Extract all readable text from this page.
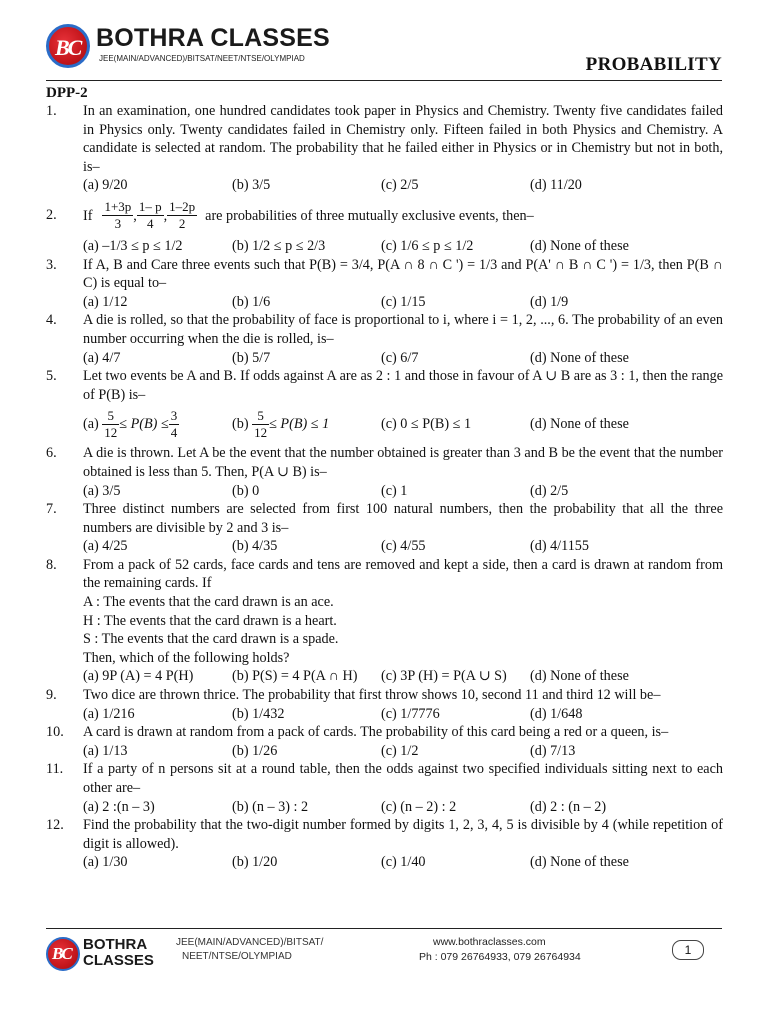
BC BOTHRA CLASSES
JEE(MAIN/ADVANCED)/BITSAT/NEET/NTSE/OLYMPIAD	PROBABILITY
DPP-2
1. In an examination, one hundred candidates took paper in Physics and Chemistry. Twenty five candidates failed in Physics only. Twenty candidates failed in Chemistry only. Fifteen failed in both Physics and Chemistry. A candidate is selected at random. The probability that he failed either in Physics or in Chemistry but not in both, is–
(a) 9/20	(b) 3/5	(c) 2/5	(d) 11/20
2. If $\frac{1+3p}{3}$ , $\frac{1- p}{4}$ , $\frac{1-2p}{2}$ are probabilities of three mutually exclusive events, then–
(a) –1/3 ≤ p ≤ 1/2	(b) 1/2 ≤ p ≤ 2/3	(c) 1/6 ≤ p ≤ 1/2	(d) None of these
3. If A, B and Care three events such that P(B) = 3/4, P(A ∩ 8 ∩ C ') = 1/3 and P(A' ∩ B ∩ C ') = 1/3, then P(B ∩ C) is equal to–
(a) 1/12	(b) 1/6	(c) 1/15	(d) 1/9
4. A die is rolled, so that the probability of face is proportional to i, where i = 1, 2, ..., 6. The probability of an even number occurring when the die is rolled, is–
(a) 4/7	(b) 5/7	(c) 6/7	(d) None of these
5. Let two events be A and B. If odds against A are as 2 : 1 and those in favour of A ∪ B are as 3 : 1, then the range of P(B) is–
(a)
$\frac{5}{12} \le P(B) \le \frac{3}{4}$	(b)
$\frac{5}{12} \le P(B) \le 1$	(c) 0 ≤ P(B) ≤ 1	(d) None of these
6. A die is thrown. Let A be the event that the number obtained is greater than 3 and B be the event that the number obtained is less than 5. Then, P(A ∪ B) is–
(a) 3/5	(b) 0	(c) 1	(d) 2/5
7. Three distinct numbers are selected from first 100 natural numbers, then the probability that all the three numbers are divisible by 2 and 3 is–
(a) 4/25	(b) 4/35	(c) 4/55	(d) 4/1155
8. From a pack of 52 cards, face cards and tens are removed and kept a side, then a card is drawn at random from the remaining cards. If
A : The events that the card drawn is an ace.
H : The events that the card drawn is a heart.
S : The events that the card drawn is a spade.
Then, which of the following holds?
(a) 9P (A) = 4 P(H)	(b) P(S) = 4 P(A ∩ H)	(c) 3P (H) = P(A ∪ S)	(d) None of these
9. Two dice are thrown thrice. The probability that first throw shows 10, second 11 and third 12 will be–
(a) 1/216	(b) 1/432	(c) 1/7776	(d) 1/648
10. A card is drawn at random from a pack of cards. The probability of this card being a red or a queen, is–
(a) 1/13	(b) 1/26	(c) 1/2	(d) 7/13
11. If a party of n persons sit at a round table, then the odds against two specified individuals sitting next to each other are–
(a) 2 :(n – 3)	(b) (n – 3) : 2	(c) (n – 2) : 2	(d) 2 : (n – 2)
12. Find the probability that the two-digit number formed by digits 1, 2, 3, 4, 5 is divisible by 4 (while repetition of digit is allowed).
(a) 1/30	(b) 1/20	(c) 1/40	(d) None of these
BC BOTHRA
CLASSES
JEE(MAIN/ADVANCED)/BITSAT/
NEET/NTSE/OLYMPIAD
www.bothraclasses.com
Ph : 079 26764933, 079 26764934	1
